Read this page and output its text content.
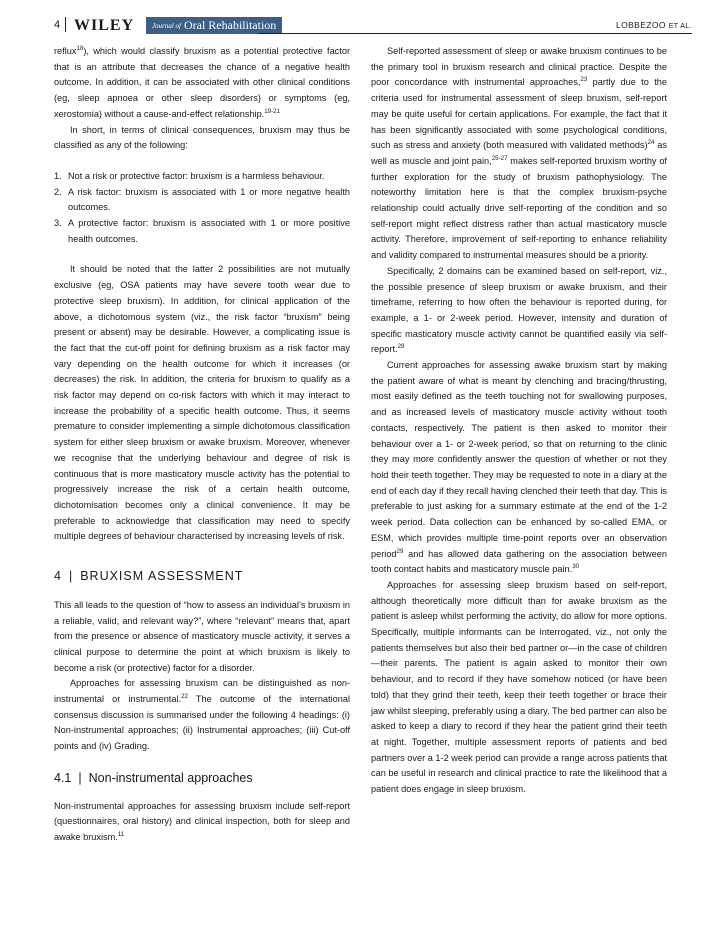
4 WILEY	Journal of Oral Rehabilitation	LOBBEZOO ET AL.

reflux$^{18}$), which would classify bruxism as a potential protective factor that is an attribute that decreases the chance of a negative health outcome. In addition, it can be associated with other clinical conditions (eg, sleep apnoea or other sleep disorders) or symptoms (eg, xerostomia) without a cause-and-effect relationship.$^{19-21}$

In short, in terms of clinical consequences, bruxism may thus be classified as any of the following:

1. Not a risk or protective factor: bruxism is a harmless behaviour.
2. A risk factor: bruxism is associated with 1 or more negative health outcomes.
3. A protective factor: bruxism is associated with 1 or more positive health outcomes.

It should be noted that the latter 2 possibilities are not mutually exclusive (eg, OSA patients may have severe tooth wear due to protective sleep bruxism). In addition, for clinical application of the above, a dichotomous system (viz., the risk factor “bruxism” being present or absent) may be desirable. However, a complicating issue is the fact that the cut-off point for defining bruxism as a risk factor may vary depending on the health outcome for which it increases (or decreases) the risk. In addition, the criteria for bruxism to qualify as a risk factor may depend on co-risk factors with which it may interact to increase the probability of a specific health outcome. Thus, it seems premature to consider implementing a simple dichotomous classification system for either sleep bruxism or awake bruxism. Moreover, whenever we recognise that the underlying behaviour and degree of risk is continuous that is more masticatory muscle activity has the potential to progressively increase the risk of a certain health outcome, dichotomisation becomes only a clinical convenience. It may be preferable to acknowledge that classification may need to specify multiple degrees of behaviour characterised by increasing levels of risk.

4 | BRUXISM ASSESSMENT

This all leads to the question of “how to assess an individual’s bruxism in a reliable, valid, and relevant way?”, where “relevant” means that, apart from the presence or absence of masticatory muscle activity, it serves a clinical purpose to determine the point at which bruxism is likely to become a risk (or protective) factor for a disorder.

Approaches for assessing bruxism can be distinguished as non-instrumental or instrumental.$^{22}$ The outcome of the international consensus discussion is summarised under the following 4 headings: (i) Non-instrumental approaches; (ii) Instrumental approaches; (iii) Cut-off points and (iv) Grading.

4.1 | Non-instrumental approaches

Non-instrumental approaches for assessing bruxism include self-report (questionnaires, oral history) and clinical inspection, both for sleep and awake bruxism.$^{11}$

Self-reported assessment of sleep or awake bruxism continues to be the primary tool in bruxism research and clinical practice. Despite the poor concordance with instrumental approaches,$^{23}$ partly due to the criteria used for instrumental assessment of sleep bruxism, self-report may be quite useful for certain applications. For example, the fact that it has been significantly associated with some psychological conditions, such as stress and anxiety (both measured with validated methods)$^{24}$ as well as muscle and joint pain,$^{25-27}$ makes self-reported bruxism worthy of further exploration for the study of bruxism pathophysiology. The noteworthy limitation here is that the complex bruxism-psyche relationship could actually drive self-reporting of the condition and so self-report might reflect distress rather than actual masticatory muscle activity. Therefore, improvement of self-reporting to enhance reliability and validity compared to instrumental measures should be a priority.

Specifically, 2 domains can be examined based on self-report, viz., the possible presence of sleep bruxism or awake bruxism, and their timeframe, referring to how often the behaviour is reported during, for example, a 1- or 2-week period. However, intensity and duration of specific masticatory muscle activity cannot be quantified easily via self-report.$^{28}$

Current approaches for assessing awake bruxism start by making the patient aware of what is meant by clenching and bracing/thrusting, most easily defined as the teeth touching not for swallowing purposes, and as increased levels of masticatory muscle activity without tooth contacts, respectively. The patient is then asked to monitor their behaviour over a 1- or 2-week period, so that on returning to the clinic they may more confidently answer the question of whether or not they hold their teeth together. They may be requested to note in a diary at the end of each day if they recall having clenched their teeth that day. This is preferable to just asking for a summary estimate at the end of the 1-2 week period. Data collection can be enhanced by so-called EMA, or ESM, which provides multiple time-point reports over an observation period$^{29}$ and has allowed data gathering on the association between tooth contact habits and masticatory muscle pain.$^{30}$

Approaches for assessing sleep bruxism based on self-report, although theoretically more difficult than for awake bruxism as the patient is asleep whilst performing the activity, do allow for more options. Specifically, multiple informants can be interrogated, viz., not only the patients themselves but also their bed partner or—in the case of children—their parents. The patient is again asked to monitor their own behaviour, and to record if they have somehow noticed (or have been told) that they grind their teeth, keep their teeth together or brace their jaw whilst sleeping, preferably using a diary. The bed partner can also be asked to keep a diary to record if they hear the patient grind their teeth at night. Together, multiple assessment reports of patients and bed partners over a 1-2 week period can provide a range across patients that can be useful in research and clinical practice to rate the likelihood that a patient does engage in sleep bruxism.
